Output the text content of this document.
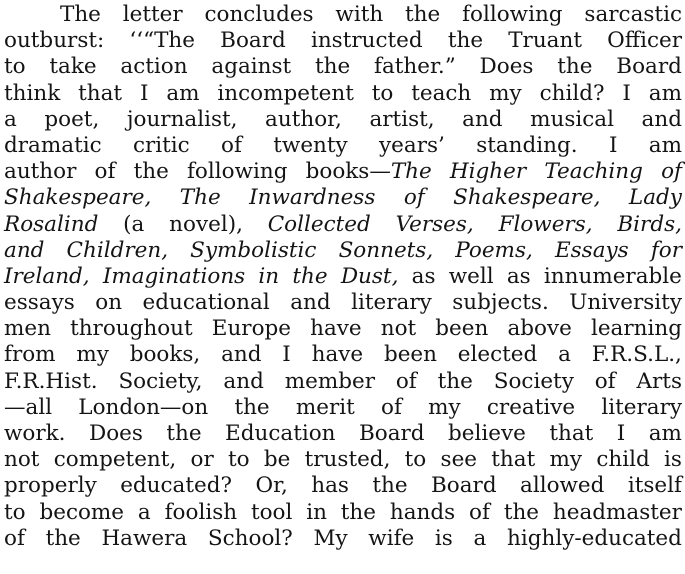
The letter concludes with the following sarcastic
outburst: ‘‘“The Board instructed the Truant Officer
to take action against the father.” Does the Board
think that I am incompetent to teach my child? I am
a poet, journalist, author, artist, and musical and
dramatic critic of twenty years’ standing. I am
author of the following books—The Higher Teaching of
Shakespeare, The Inwardness of Shakespeare, Lady
Rosalind (a novel), Collected Verses, Flowers, Birds,
and Children, Symbolistic Sonnets, Poems, Essays for
Ireland, Imaginations in the Dust, as well as innumerable
essays on educational and literary subjects. University
men throughout Europe have not been above learning
from my books, and I have been elected a F.R.S.L.,
F.R.Hist. Society, and member of the Society of Arts
—all London—on the merit of my creative literary
work. Does the Education Board believe that I am
not competent, or to be trusted, to see that my child is
properly educated? Or, has the Board allowed itself
to become a foolish tool in the hands of the headmaster
of the Hawera School? My wife is a highly-educated
